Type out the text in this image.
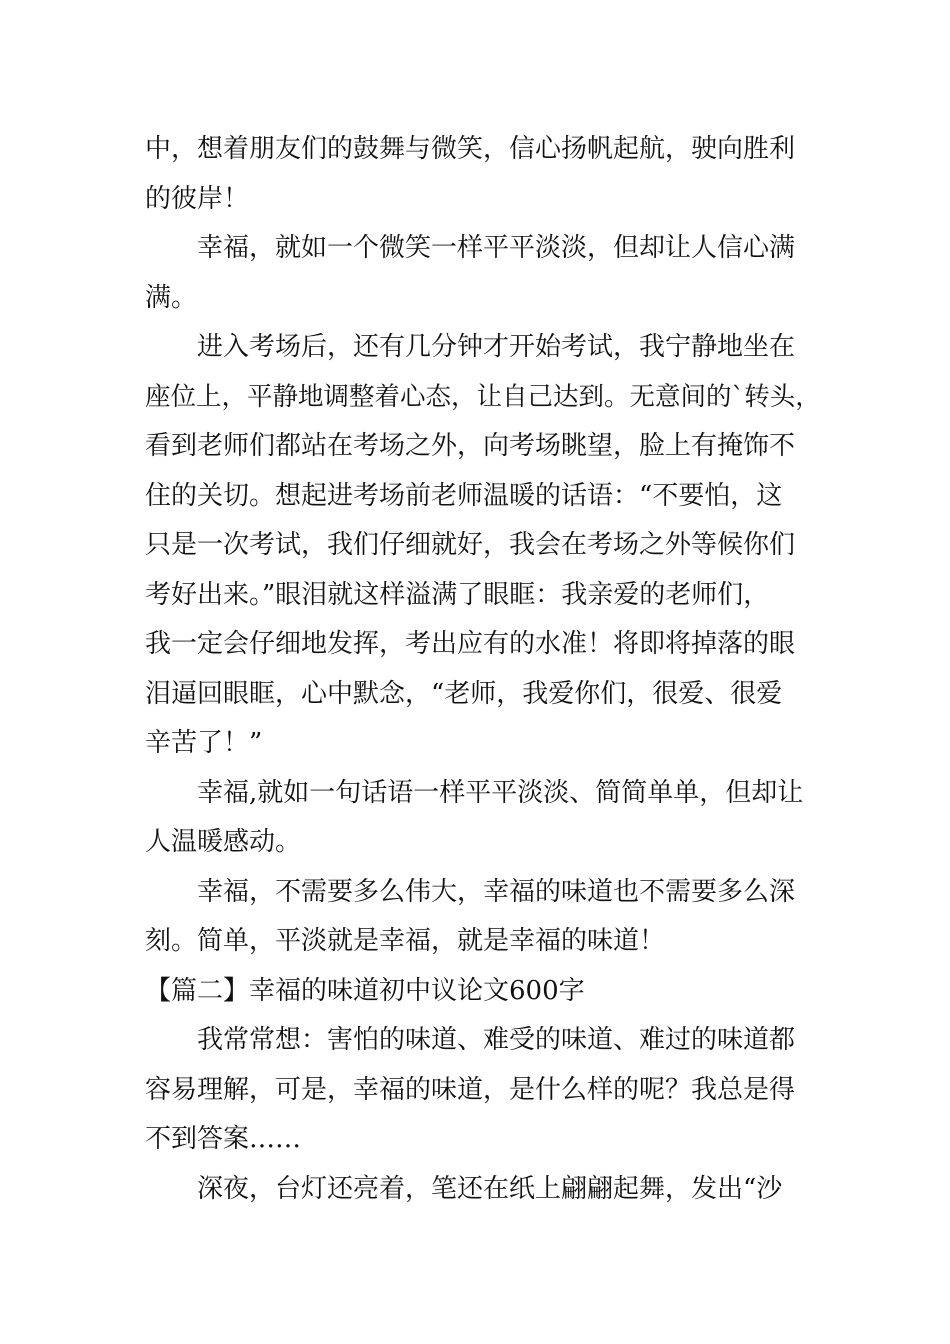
中，想着朋友们的鼓舞与微笑，信心扬帆起航，驶向胜利
的彼岸！
幸福，就如一个微笑一样平平淡淡，但却让人信心满
满。
进入考场后，还有几分钟才开始考试，我宁静地坐在
座位上，平静地调整着心态，让自己达到。无意间的`转头，
看到老师们都站在考场之外，向考场眺望，脸上有掩饰不
住的关切。想起进考场前老师温暖的话语：“不要怕，这
只是一次考试，我们仔细就好，我会在考场之外等候你们
考好出来。”眼泪就这样溢满了眼眶：我亲爱的老师们，
我一定会仔细地发挥，考出应有的水准！将即将掉落的眼
泪逼回眼眶，心中默念，“老师，我爱你们，很爱、很爱
辛苦了！”
幸福,就如一句话语一样平平淡淡、简简单单，但却让
人温暖感动。
幸福，不需要多么伟大，幸福的味道也不需要多么深
刻。简单，平淡就是幸福，就是幸福的味道！
【篇二】幸福的味道初中议论文600字
我常常想：害怕的味道、难受的味道、难过的味道都
容易理解，可是，幸福的味道，是什么样的呢？我总是得
不到答案……
深夜，台灯还亮着，笔还在纸上翩翩起舞，发出“沙
